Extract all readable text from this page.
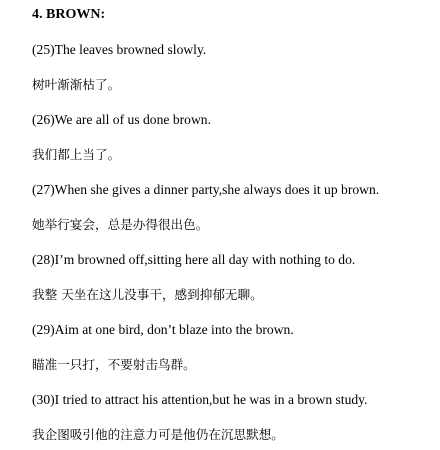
4. BROWN:
(25)The leaves browned slowly.
树叶渐渐枯了。
(26)We are all of us done brown.
我们都上当了。
(27)When she gives a dinner party,she always does it up brown.
她举行宴会，总是办得很出色。
(28)I’m browned off,sitting here all day with nothing to do.
我整 天坐在这儿没事干，感到抑郁无聊。
(29)Aim at one bird, don’t blaze into the brown.
瞄准一只打，不要射击鸟群。
(30)I tried to attract his attention,but he was in a brown study.
我企图吸引他的注意力可是他仍在沉思默想。
